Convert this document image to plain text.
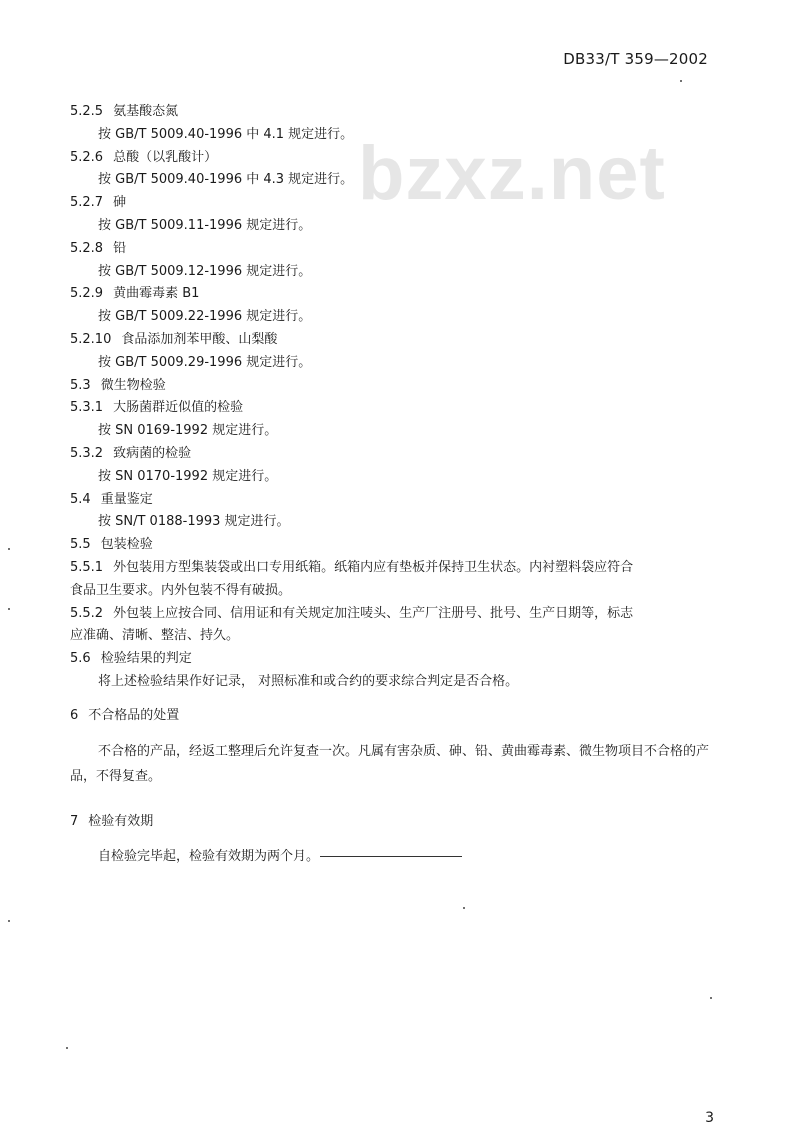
DB33/T 359—2002
bzxz.net
5.2.5 氨基酸态氮
按 GB/T 5009.40-1996 中 4.1 规定进行。
5.2.6 总酸（以乳酸计）
按 GB/T 5009.40-1996 中 4.3 规定进行。
5.2.7 砷
按 GB/T 5009.11-1996 规定进行。
5.2.8 铅
按 GB/T 5009.12-1996 规定进行。
5.2.9 黄曲霉毒素 B1
按 GB/T 5009.22-1996 规定进行。
5.2.10 食品添加剂苯甲酸、山梨酸
按 GB/T 5009.29-1996 规定进行。
5.3 微生物检验
5.3.1 大肠菌群近似值的检验
按 SN 0169-1992 规定进行。
5.3.2 致病菌的检验
按 SN 0170-1992 规定进行。
5.4 重量鉴定
按 SN/T 0188-1993 规定进行。
5.5 包装检验
5.5.1 外包装用方型集装袋或出口专用纸箱。纸箱内应有垫板并保持卫生状态。内衬塑料袋应符合
食品卫生要求。内外包装不得有破损。
5.5.2 外包装上应按合同、信用证和有关规定加注唛头、生产厂注册号、批号、生产日期等，标志
应准确、清晰、整洁、持久。
5.6 检验结果的判定
将上述检验结果作好记录， 对照标准和或合约的要求综合判定是否合格。
6 不合格品的处置
不合格的产品，经返工整理后允许复查一次。凡属有害杂质、砷、铅、黄曲霉毒素、微生物项目不合格的产品，不得复查。
7 检验有效期
自检验完毕起，检验有效期为两个月。
3
